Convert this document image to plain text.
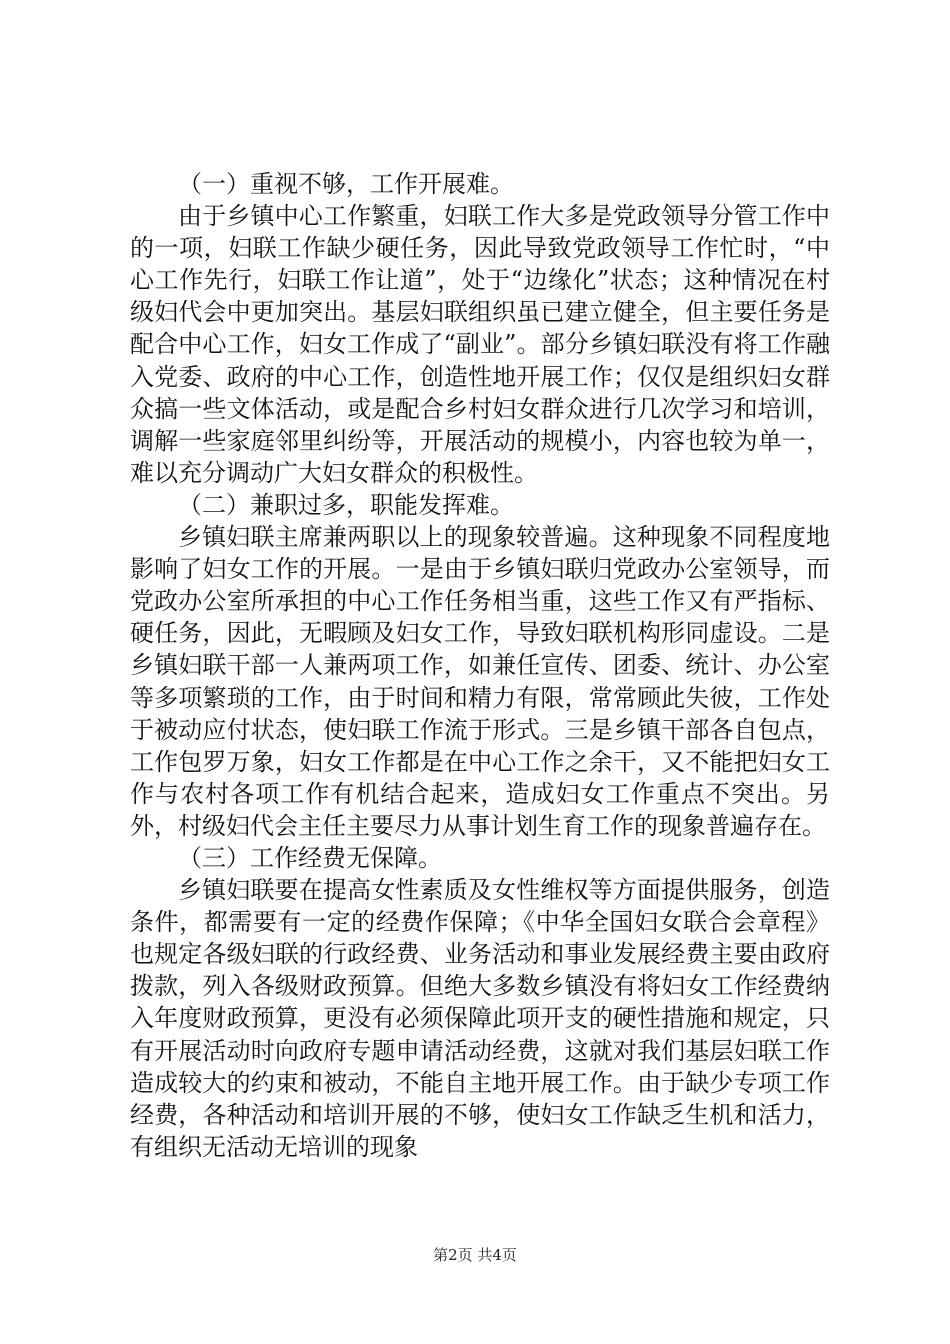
（一）重视不够，工作开展难。

由于乡镇中心工作繁重，妇联工作大多是党政领导分管工作中的一项，妇联工作缺少硬任务，因此导致党政领导工作忙时，“中心工作先行，妇联工作让道”，处于“边缘化”状态；这种情况在村级妇代会中更加突出。基层妇联组织虽已建立健全，但主要任务是配合中心工作，妇女工作成了“副业”。部分乡镇妇联没有将工作融入党委、政府的中心工作，创造性地开展工作；仅仅是组织妇女群众搞一些文体活动，或是配合乡村妇女群众进行几次学习和培训，调解一些家庭邻里纠纷等，开展活动的规模小，内容也较为单一，难以充分调动广大妇女群众的积极性。

（二）兼职过多，职能发挥难。

乡镇妇联主席兼两职以上的现象较普遍。这种现象不同程度地影响了妇女工作的开展。一是由于乡镇妇联归党政办公室领导，而党政办公室所承担的中心工作任务相当重，这些工作又有严指标、硬任务，因此，无暇顾及妇女工作，导致妇联机构形同虚设。二是乡镇妇联干部一人兼两项工作，如兼任宣传、团委、统计、办公室等多项繁琐的工作，由于时间和精力有限，常常顾此失彼，工作处于被动应付状态，使妇联工作流于形式。三是乡镇干部各自包点，工作包罗万象，妇女工作都是在中心工作之余干，又不能把妇女工作与农村各项工作有机结合起来，造成妇女工作重点不突出。另外，村级妇代会主任主要尽力从事计划生育工作的现象普遍存在。

（三）工作经费无保障。

乡镇妇联要在提高女性素质及女性维权等方面提供服务，创造条件，都需要有一定的经费作保障；《中华全国妇女联合会章程》也规定各级妇联的行政经费、业务活动和事业发展经费主要由政府拨款，列入各级财政预算。但绝大多数乡镇没有将妇女工作经费纳入年度财政预算，更没有必须保障此项开支的硬性措施和规定，只有开展活动时向政府专题申请活动经费，这就对我们基层妇联工作造成较大的约束和被动，不能自主地开展工作。由于缺少专项工作经费，各种活动和培训开展的不够，使妇女工作缺乏生机和活力，有组织无活动无培训的现象

第2页 共4页
